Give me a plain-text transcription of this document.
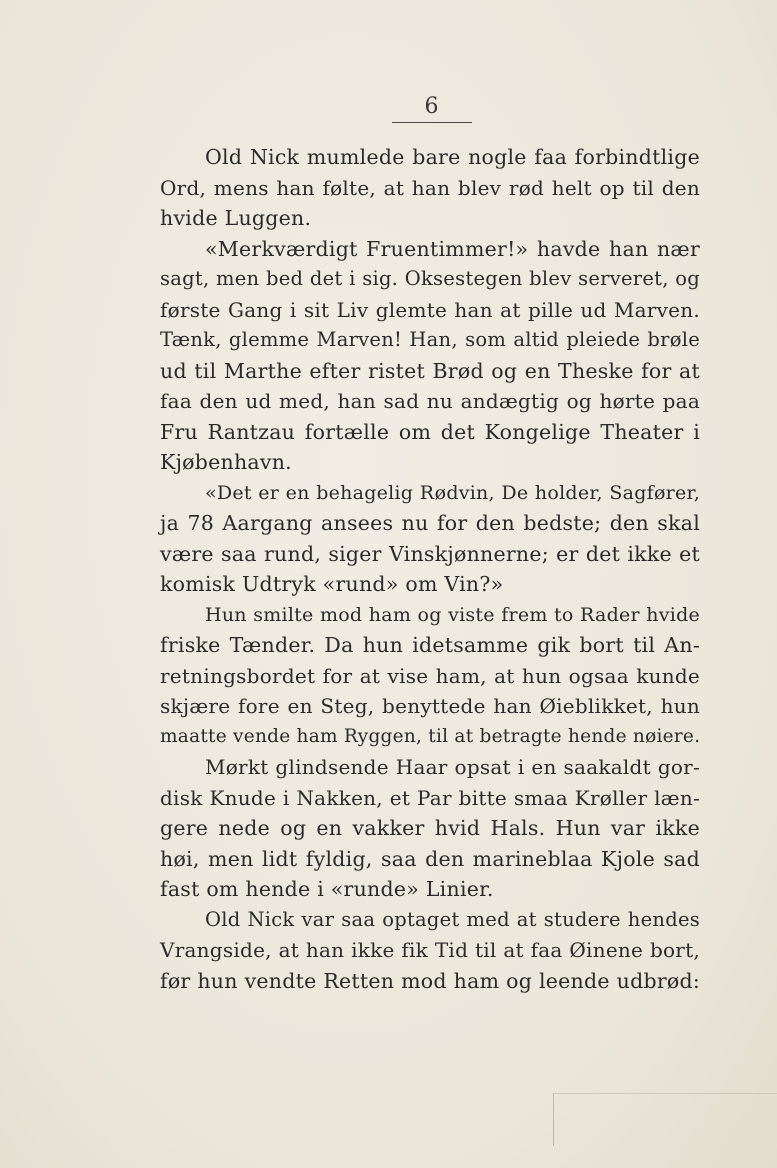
6
Old Nick mumlede bare nogle faa forbindtlige
Ord, mens han følte, at han blev rød helt op til den
hvide Luggen.
«Merkværdigt Fruentimmer!» havde han nær
sagt, men bed det i sig. Oksestegen blev serveret, og
første Gang i sit Liv glemte han at pille ud Marven.
Tænk, glemme Marven! Han, som altid pleiede brøle
ud til Marthe efter ristet Brød og en Theske for at
faa den ud med, han sad nu andægtig og hørte paa
Fru Rantzau fortælle om det Kongelige Theater i
Kjøbenhavn.
«Det er en behagelig Rødvin, De holder, Sagfører,
ja 78 Aargang ansees nu for den bedste; den skal
være saa rund, siger Vinskjønnerne; er det ikke et
komisk Udtryk «rund» om Vin?»
Hun smilte mod ham og viste frem to Rader hvide
friske Tænder. Da hun idetsamme gik bort til An-
retningsbordet for at vise ham, at hun ogsaa kunde
skjære fore en Steg, benyttede han Øieblikket, hun
maatte vende ham Ryggen, til at betragte hende nøiere.
Mørkt glindsende Haar opsat i en saakaldt gor-
disk Knude i Nakken, et Par bitte smaa Krøller læn-
gere nede og en vakker hvid Hals. Hun var ikke
høi, men lidt fyldig, saa den marineblaa Kjole sad
fast om hende i «runde» Linier.
Old Nick var saa optaget med at studere hendes
Vrangside, at han ikke fik Tid til at faa Øinene bort,
før hun vendte Retten mod ham og leende udbrød:
